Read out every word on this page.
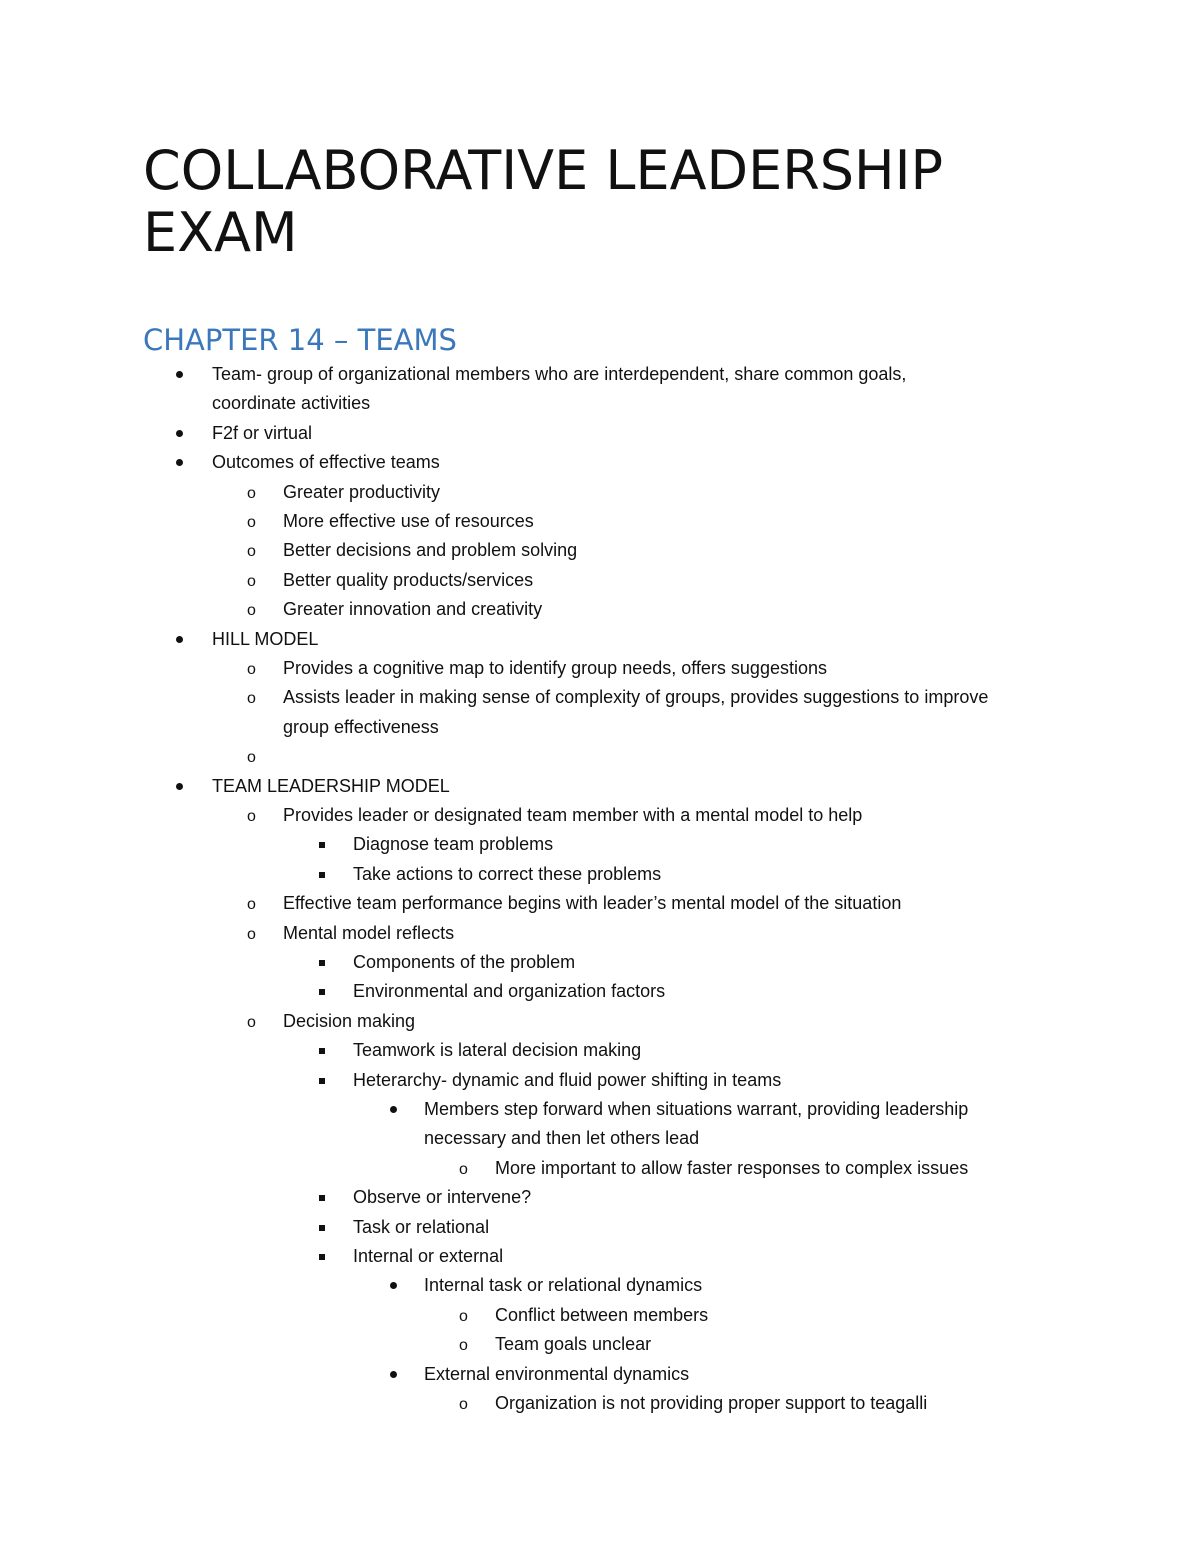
COLLABORATIVE LEADERSHIP EXAM
CHAPTER 14 – TEAMS
Team- group of organizational members who are interdependent, share common goals,
coordinate activities
F2f or virtual
Outcomes of effective teams
Greater productivity
More effective use of resources
Better decisions and problem solving
Better quality products/services
Greater innovation and creativity
HILL MODEL
Provides a cognitive map to identify group needs, offers suggestions
Assists leader in making sense of complexity of groups, provides suggestions to improve
group effectiveness
TEAM LEADERSHIP MODEL
Provides leader or designated team member with a mental model to help
Diagnose team problems
Take actions to correct these problems
Effective team performance begins with leader’s mental model of the situation
Mental model reflects
Components of the problem
Environmental and organization factors
Decision making
Teamwork is lateral decision making
Heterarchy- dynamic and fluid power shifting in teams
Members step forward when situations warrant, providing leadership
necessary and then let others lead
More important to allow faster responses to complex issues
Observe or intervene?
Task or relational
Internal or external
Internal task or relational dynamics
Conflict between members
Team goals unclear
External environmental dynamics
Organization is not providing proper support to teagalli
